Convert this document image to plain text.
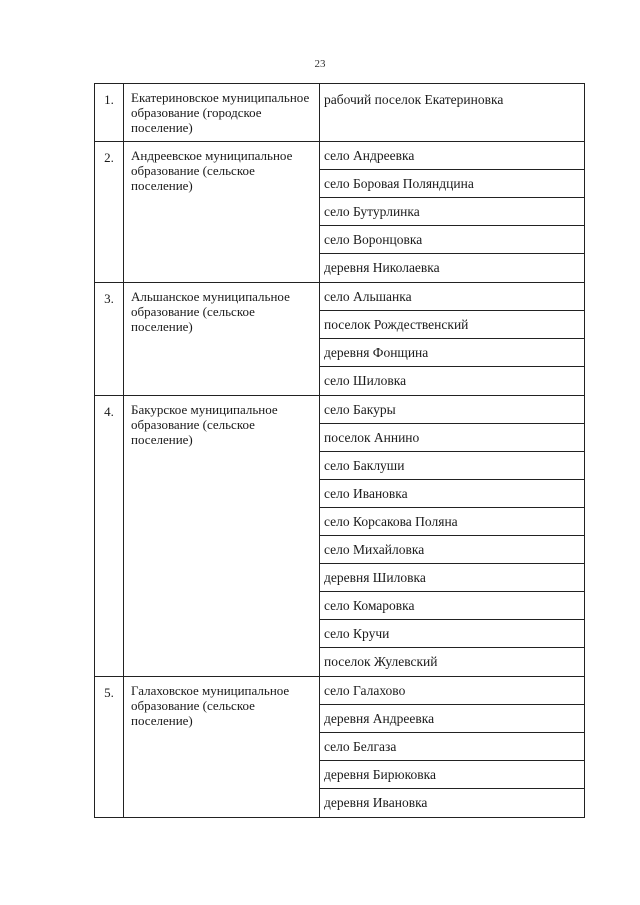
23
1.	Екатериновское муниципальное образование (городское поселение)
рабочий поселок Екатериновка
2.	Андреевское муниципальное образование (сельское поселение)
село Андреевка
село Боровая Поляндцина
село Бутурлинка
село Воронцовка
деревня Николаевка
3.	Альшанское муниципальное образование (сельское поселение)
село Альшанка
поселок Рождественский
деревня Фонщина
село Шиловка
4.	Бакурское муниципальное образование (сельское поселение)
село Бакуры
поселок Аннино
село Баклуши
село Ивановка
село Корсакова Поляна
село Михайловка
деревня Шиловка
село Комаровка
село Кручи
поселок Жулевский
5.	Галаховское муниципальное образование (сельское поселение)
село Галахово
деревня Андреевка
село Белгаза
деревня Бирюковка
деревня Ивановка
